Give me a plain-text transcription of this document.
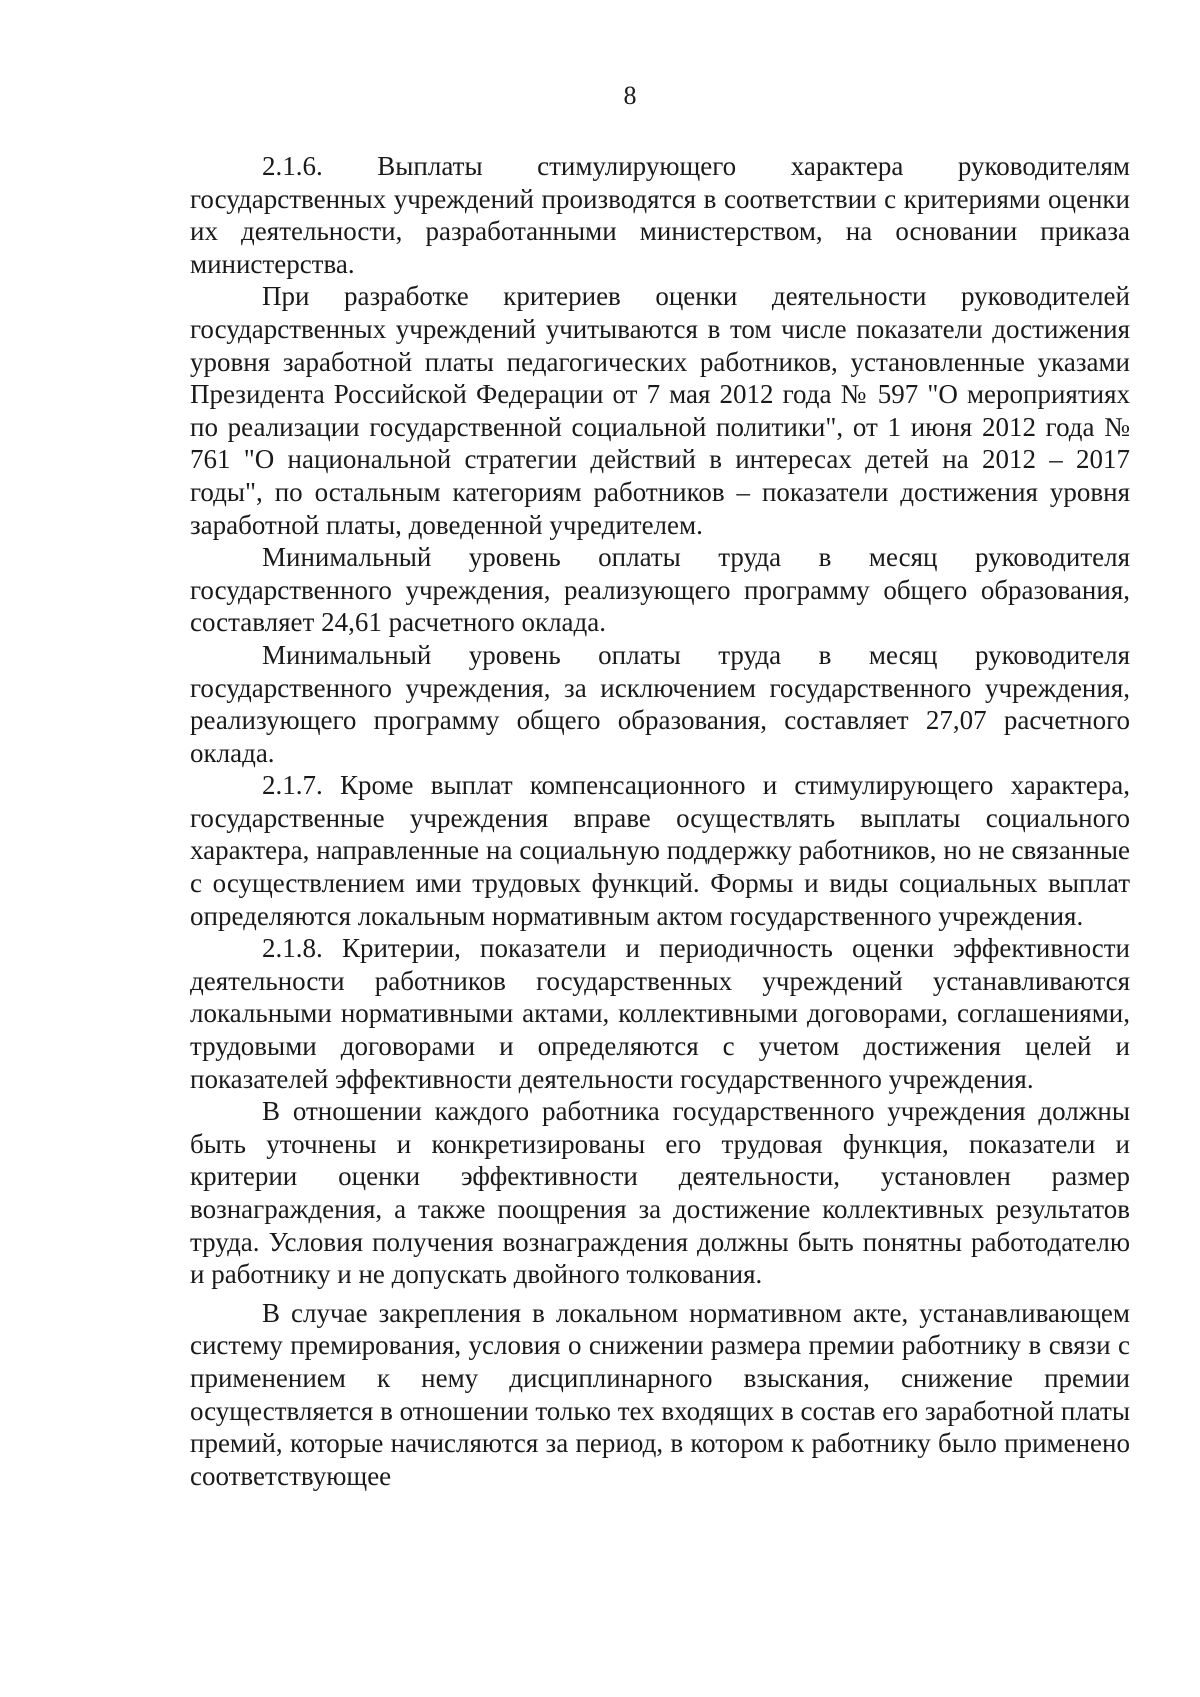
8

2.1.6. Выплаты стимулирующего характера руководителям государственных учреждений производятся в соответствии с критериями оценки их деятельности, разработанными министерством, на основании приказа министерства.

При разработке критериев оценки деятельности руководителей государственных учреждений учитываются в том числе показатели достижения уровня заработной платы педагогических работников, установленные указами Президента Российской Федерации от 7 мая 2012 года № 597 "О мероприятиях по реализации государственной социальной политики", от 1 июня 2012 года № 761 "О национальной стратегии действий в интересах детей на 2012 – 2017 годы", по остальным категориям работников – показатели достижения уровня заработной платы, доведенной учредителем.

Минимальный уровень оплаты труда в месяц руководителя государственного учреждения, реализующего программу общего образования, составляет 24,61 расчетного оклада.

Минимальный уровень оплаты труда в месяц руководителя государственного учреждения, за исключением государственного учреждения, реализующего программу общего образования, составляет 27,07 расчетного оклада.

2.1.7. Кроме выплат компенсационного и стимулирующего характера, государственные учреждения вправе осуществлять выплаты социального характера, направленные на социальную поддержку работников, но не связанные с осуществлением ими трудовых функций. Формы и виды социальных выплат определяются локальным нормативным актом государственного учреждения.

2.1.8. Критерии, показатели и периодичность оценки эффективности деятельности работников государственных учреждений устанавливаются локальными нормативными актами, коллективными договорами, соглашениями, трудовыми договорами и определяются с учетом достижения целей и показателей эффективности деятельности государственного учреждения.

В отношении каждого работника государственного учреждения должны быть уточнены и конкретизированы его трудовая функция, показатели и критерии оценки эффективности деятельности, установлен размер вознаграждения, а также поощрения за достижение коллективных результатов труда. Условия получения вознаграждения должны быть понятны работодателю и работнику и не допускать двойного толкования.

В случае закрепления в локальном нормативном акте, устанавливающем систему премирования, условия о снижении размера премии работнику в связи с применением к нему дисциплинарного взыскания, снижение премии осуществляется в отношении только тех входящих в состав его заработной платы премий, которые начисляются за период, в котором к работнику было применено соответствующее
